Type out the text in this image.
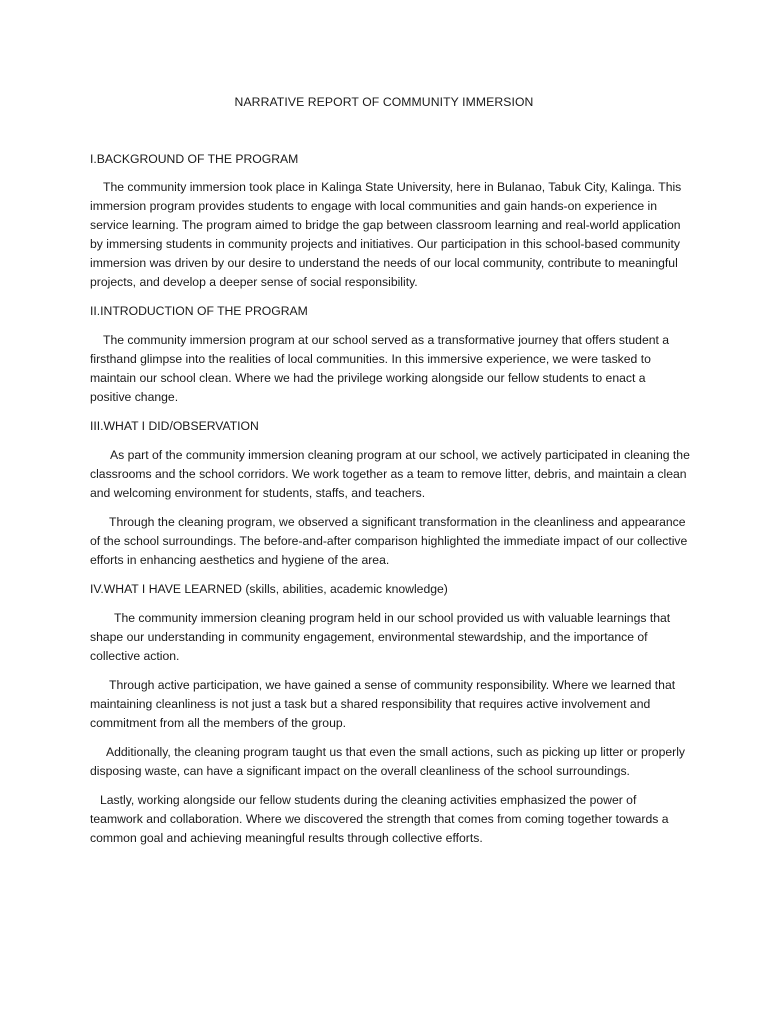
NARRATIVE REPORT OF COMMUNITY IMMERSION
I.BACKGROUND OF THE PROGRAM

The community immersion took place in Kalinga State University, here in Bulanao, Tabuk City, Kalinga. This immersion program provides students to engage with local communities and gain hands-on experience in service learning. The program aimed to bridge the gap between classroom learning and real-world application by immersing students in community projects and initiatives. Our participation in this school-based community immersion was driven by our desire to understand the needs of our local community, contribute to meaningful projects, and develop a deeper sense of social responsibility.

II.INTRODUCTION OF THE PROGRAM

The community immersion program at our school served as a transformative journey that offers student a firsthand glimpse into the realities of local communities. In this immersive experience, we were tasked to maintain our school clean. Where we had the privilege working alongside our fellow students to enact a positive change.

III.WHAT I DID/OBSERVATION

As part of the community immersion cleaning program at our school, we actively participated in cleaning the classrooms and the school corridors. We work together as a team to remove litter, debris, and maintain a clean and welcoming environment for students, staffs, and teachers.

Through the cleaning program, we observed a significant transformation in the cleanliness and appearance of the school surroundings. The before-and-after comparison highlighted the immediate impact of our collective efforts in enhancing aesthetics and hygiene of the area.

IV.WHAT I HAVE LEARNED (skills, abilities, academic knowledge)

The community immersion cleaning program held in our school provided us with valuable learnings that shape our understanding in community engagement, environmental stewardship, and the importance of collective action.

Through active participation, we have gained a sense of community responsibility. Where we learned that maintaining cleanliness is not just a task but a shared responsibility that requires active involvement and commitment from all the members of the group.

Additionally, the cleaning program taught us that even the small actions, such as picking up litter or properly disposing waste, can have a significant impact on the overall cleanliness of the school surroundings.

Lastly, working alongside our fellow students during the cleaning activities emphasized the power of teamwork and collaboration. Where we discovered the strength that comes from coming together towards a common goal and achieving meaningful results through collective efforts.
